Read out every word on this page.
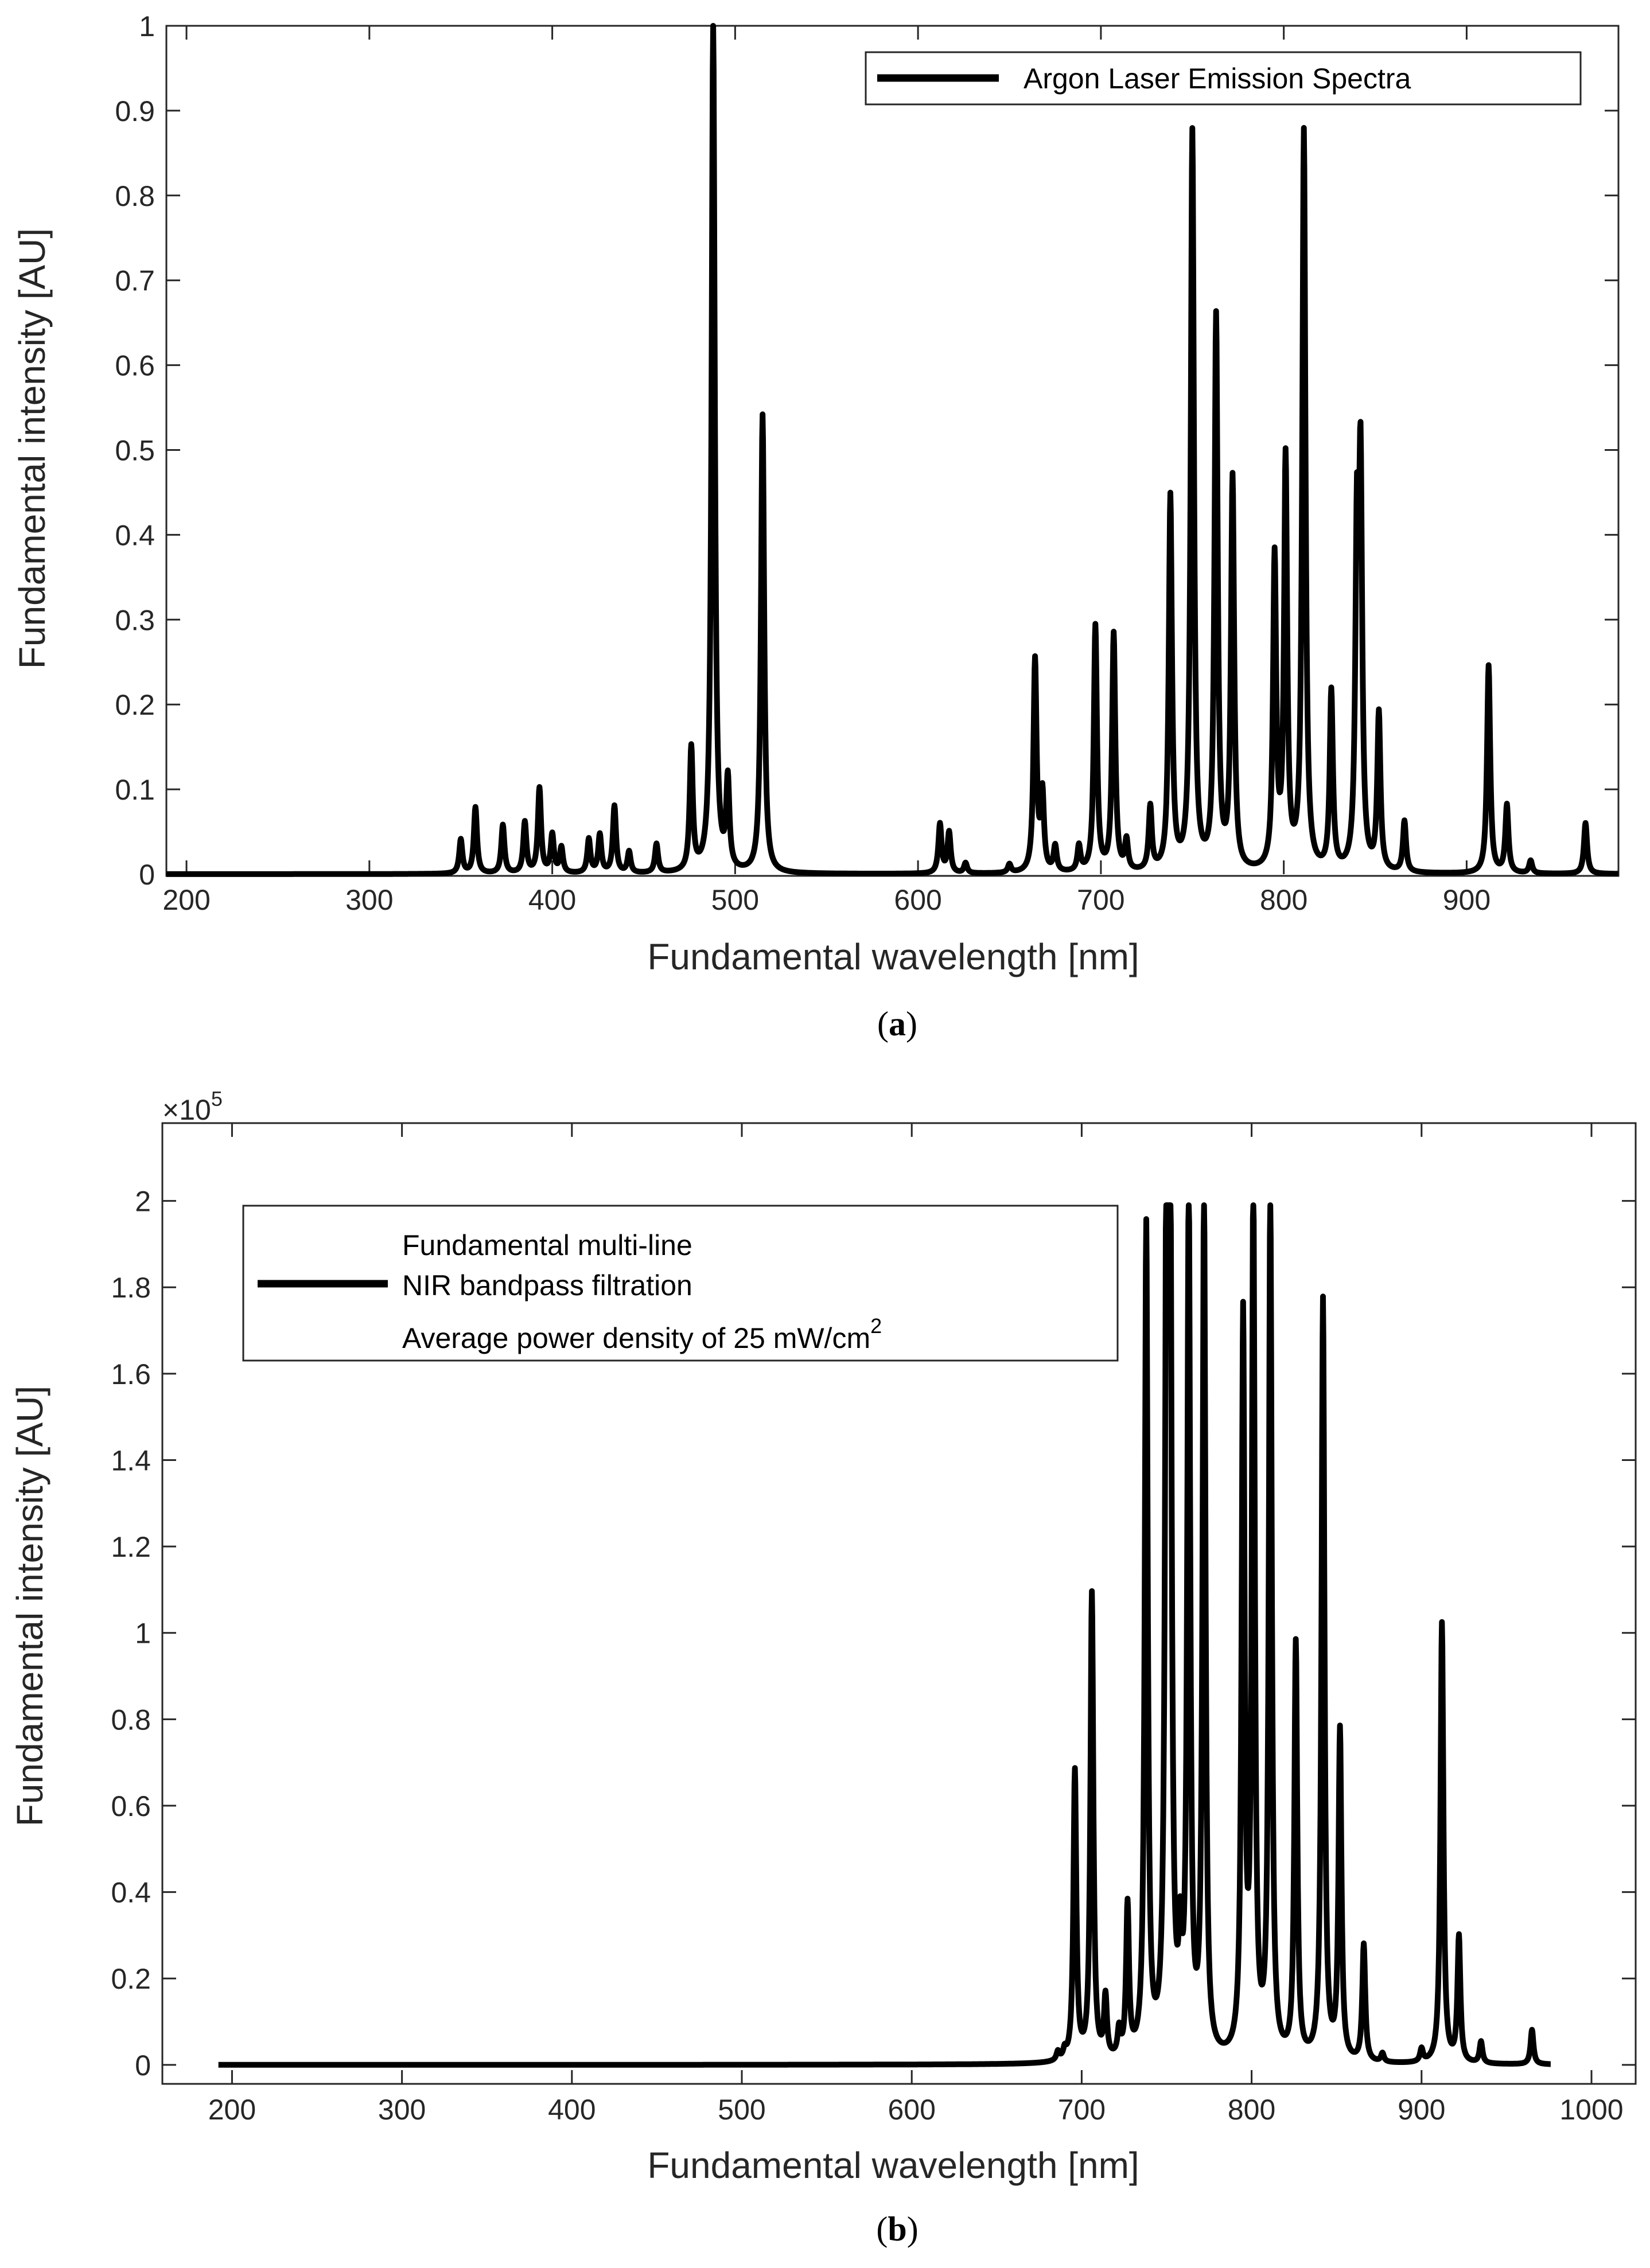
200	300	400	500	600	700	800	900
0
0.1
0.2
0.3
0.4
0.5
0.6
0.7
0.8
0.9
1
Argon Laser Emission Spectra
Fundamental wavelength [nm]
Fundamental intensity [AU]
(a)
200	300	400	500	600	700	800	900	1000
0
0.2
0.4
0.6
0.8
1
1.2
1.4
1.6
1.8
2
$\times 10^5$
Fundamental multi-line
NIR bandpass filtration
Average power density of 25 $mW/cm^2$
Fundamental wavelength [nm]
Fundamental intensity [AU]
(b)
